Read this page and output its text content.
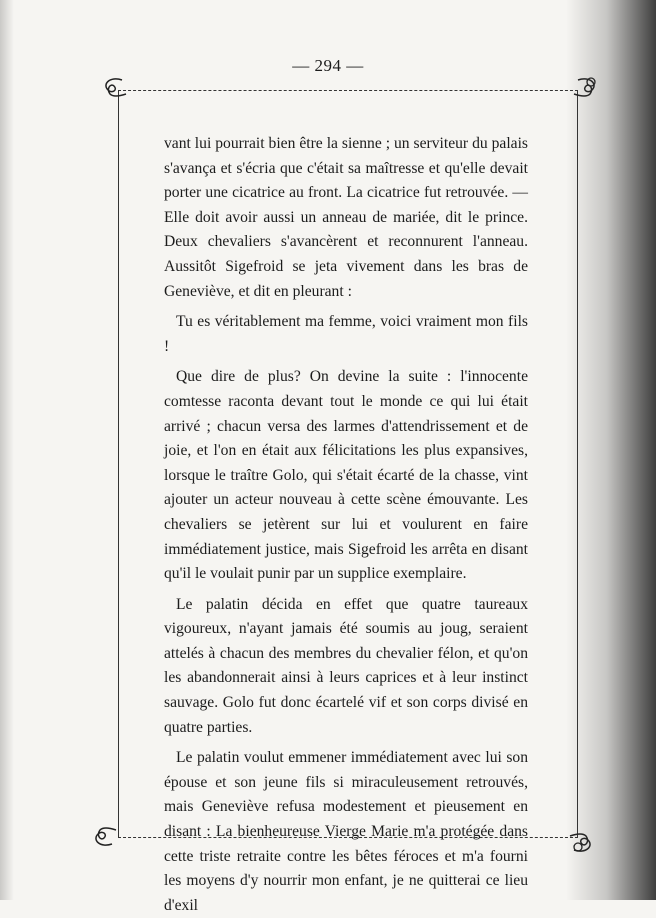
— 294 —

vant lui pourrait bien être la sienne ; un serviteur du palais s'avança et s'écria que c'était sa maîtresse et qu'elle devait porter une cicatrice au front. La cicatrice fut retrouvée. — Elle doit avoir aussi un anneau de mariée, dit le prince. Deux chevaliers s'avancèrent et reconnurent l'anneau. Aussitôt Sigefroid se jeta vivement dans les bras de Geneviève, et dit en pleurant :

Tu es véritablement ma femme, voici vraiment mon fils !

Que dire de plus? On devine la suite : l'innocente comtesse raconta devant tout le monde ce qui lui était arrivé ; chacun versa des larmes d'attendrissement et de joie, et l'on en était aux félicitations les plus expansives, lorsque le traître Golo, qui s'était écarté de la chasse, vint ajouter un acteur nouveau à cette scène émouvante. Les chevaliers se jetèrent sur lui et voulurent en faire immédiatement justice, mais Sigefroid les arrêta en disant qu'il le voulait punir par un supplice exemplaire.

Le palatin décida en effet que quatre taureaux vigoureux, n'ayant jamais été soumis au joug, seraient attelés à chacun des membres du chevalier félon, et qu'on les abandonnerait ainsi à leurs caprices et à leur instinct sauvage. Golo fut donc écartelé vif et son corps divisé en quatre parties.

Le palatin voulut emmener immédiatement avec lui son épouse et son jeune fils si miraculeusement retrouvés, mais Geneviève refusa modestement et pieusement en disant : La bienheureuse Vierge Marie m'a protégée dans cette triste retraite contre les bêtes féroces et m'a fourni les moyens d'y nourrir mon enfant, je ne quitterai ce lieu d'exil
